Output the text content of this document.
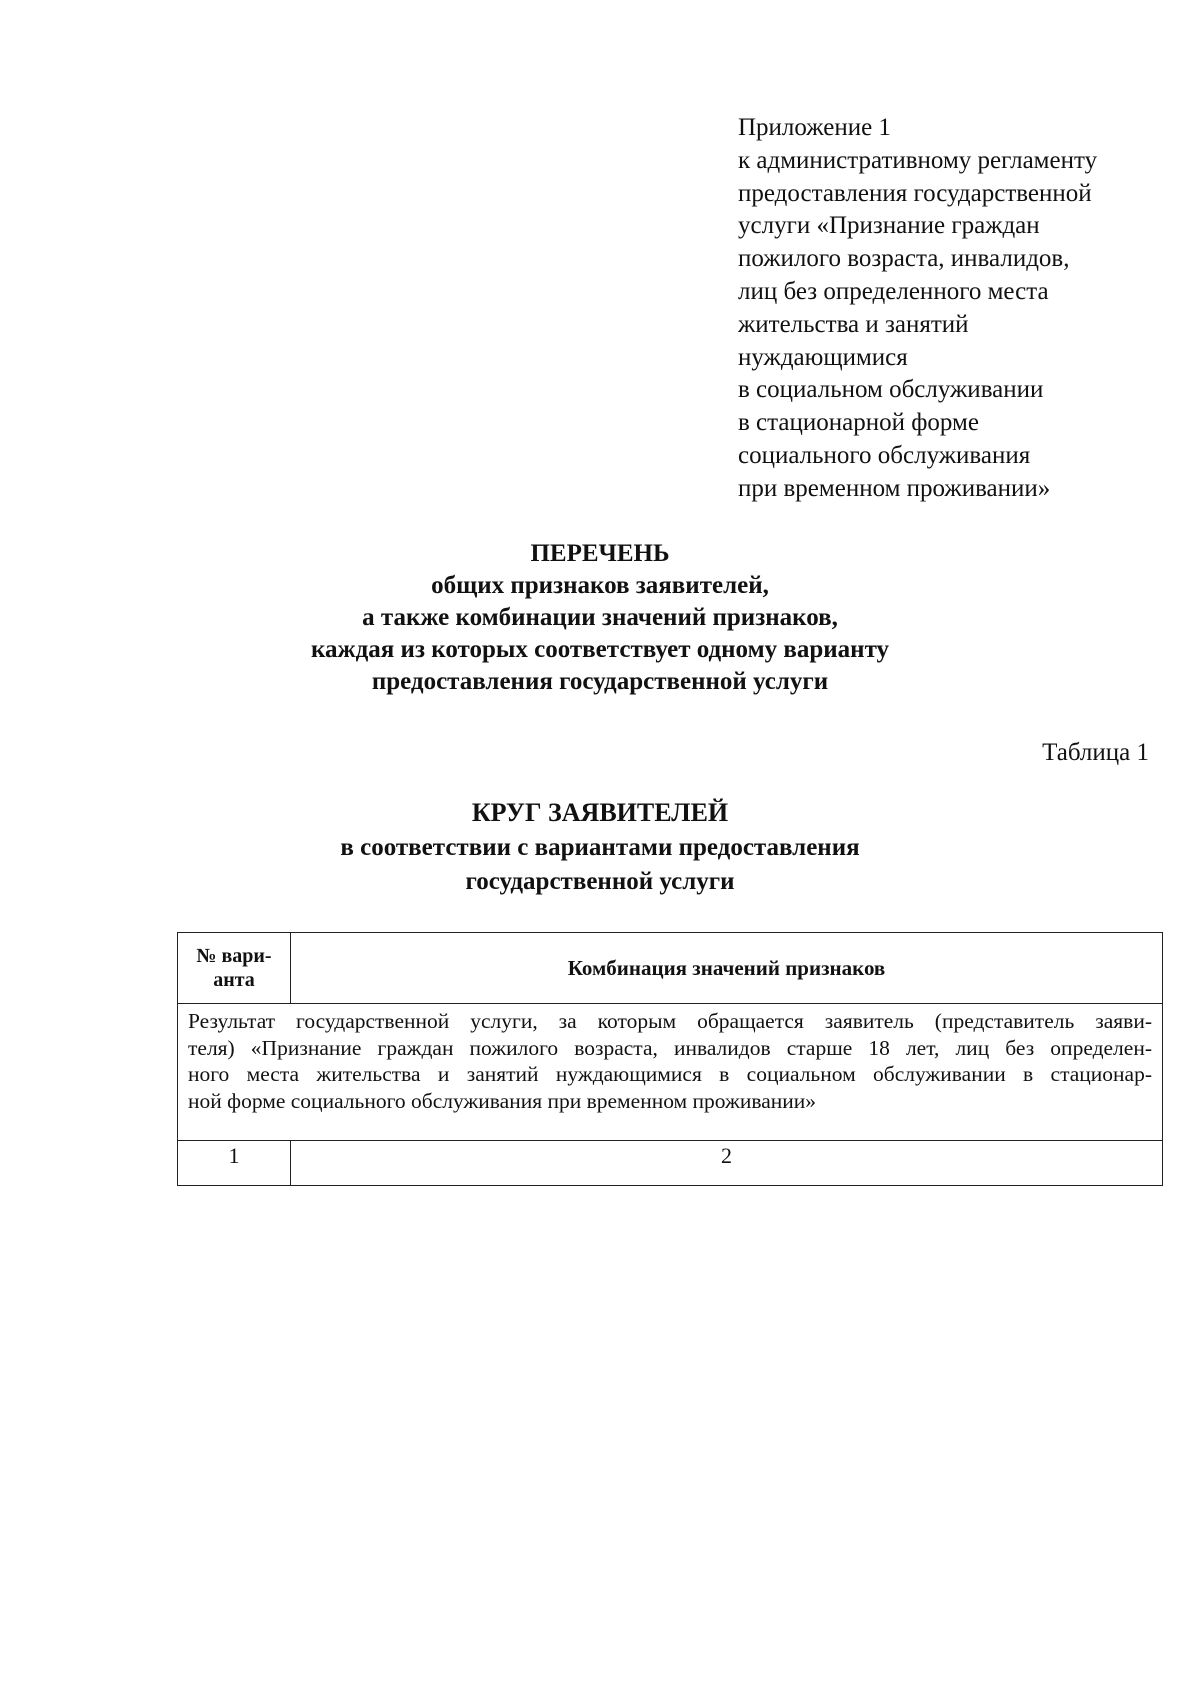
Приложение 1
к административному регламенту
предоставления государственной
услуги «Признание граждан
пожилого возраста, инвалидов,
лиц без определенного места
жительства и занятий
нуждающимися
в социальном обслуживании
в стационарной форме
социального обслуживания
при временном проживании»
ПЕРЕЧЕНЬ
общих признаков заявителей,
а также комбинации значений признаков,
каждая из которых соответствует одному варианту
предоставления государственной услуги
Таблица 1
КРУГ ЗАЯВИТЕЛЕЙ
в соответствии с вариантами предоставления
государственной услуги
№ вари-
анта	Комбинация значений признаков

Результат государственной услуги, за которым обращается заявитель (представитель заяви-
теля) «Признание граждан пожилого возраста, инвалидов старше 18 лет, лиц без определен-
ного места жительства и занятий нуждающимися в социальном обслуживании в стационар-
ной форме социального обслуживания при временном проживании»	

1	2
